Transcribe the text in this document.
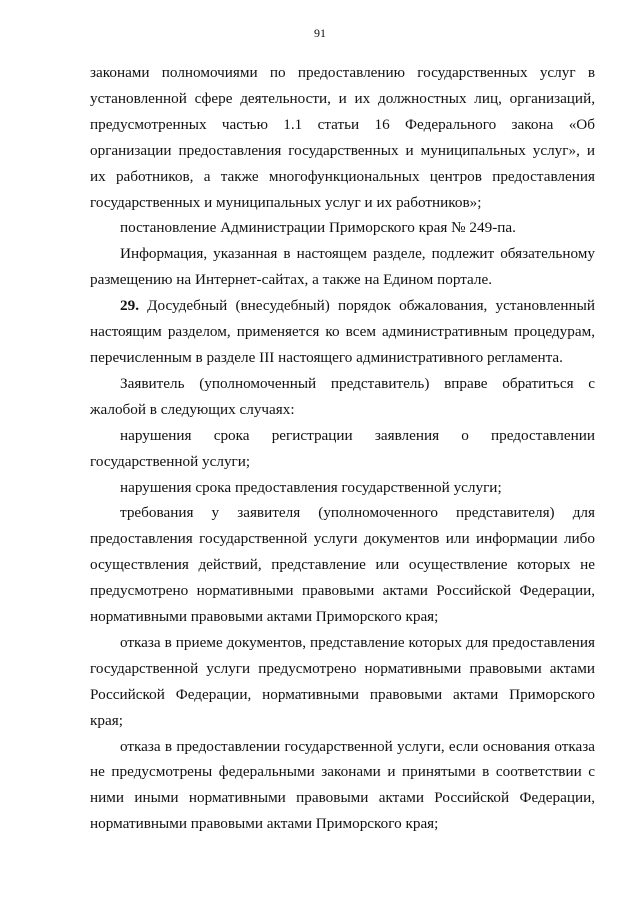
91

законами полномочиями по предоставлению государственных услуг в установленной сфере деятельности, и их должностных лиц, организаций, предусмотренных частью 1.1 статьи 16 Федерального закона «Об организации предоставления государственных и муниципальных услуг», и их работников, а также многофункциональных центров предоставления государственных и муниципальных услуг и их работников»;

постановление Администрации Приморского края № 249-па.

Информация, указанная в настоящем разделе, подлежит обязательному размещению на Интернет-сайтах, а также на Едином портале.

29. Досудебный (внесудебный) порядок обжалования, установленный настоящим разделом, применяется ко всем административным процедурам, перечисленным в разделе III настоящего административного регламента.

Заявитель (уполномоченный представитель) вправе обратиться с жалобой в следующих случаях:

нарушения срока регистрации заявления о предоставлении государственной услуги;

нарушения срока предоставления государственной услуги;

требования у заявителя (уполномоченного представителя) для предоставления государственной услуги документов или информации либо осуществления действий, представление или осуществление которых не предусмотрено нормативными правовыми актами Российской Федерации, нормативными правовыми актами Приморского края;

отказа в приеме документов, представление которых для предоставления государственной услуги предусмотрено нормативными правовыми актами Российской Федерации, нормативными правовыми актами Приморского края;

отказа в предоставлении государственной услуги, если основания отказа не предусмотрены федеральными законами и принятыми в соответствии с ними иными нормативными правовыми актами Российской Федерации, нормативными правовыми актами Приморского края;
